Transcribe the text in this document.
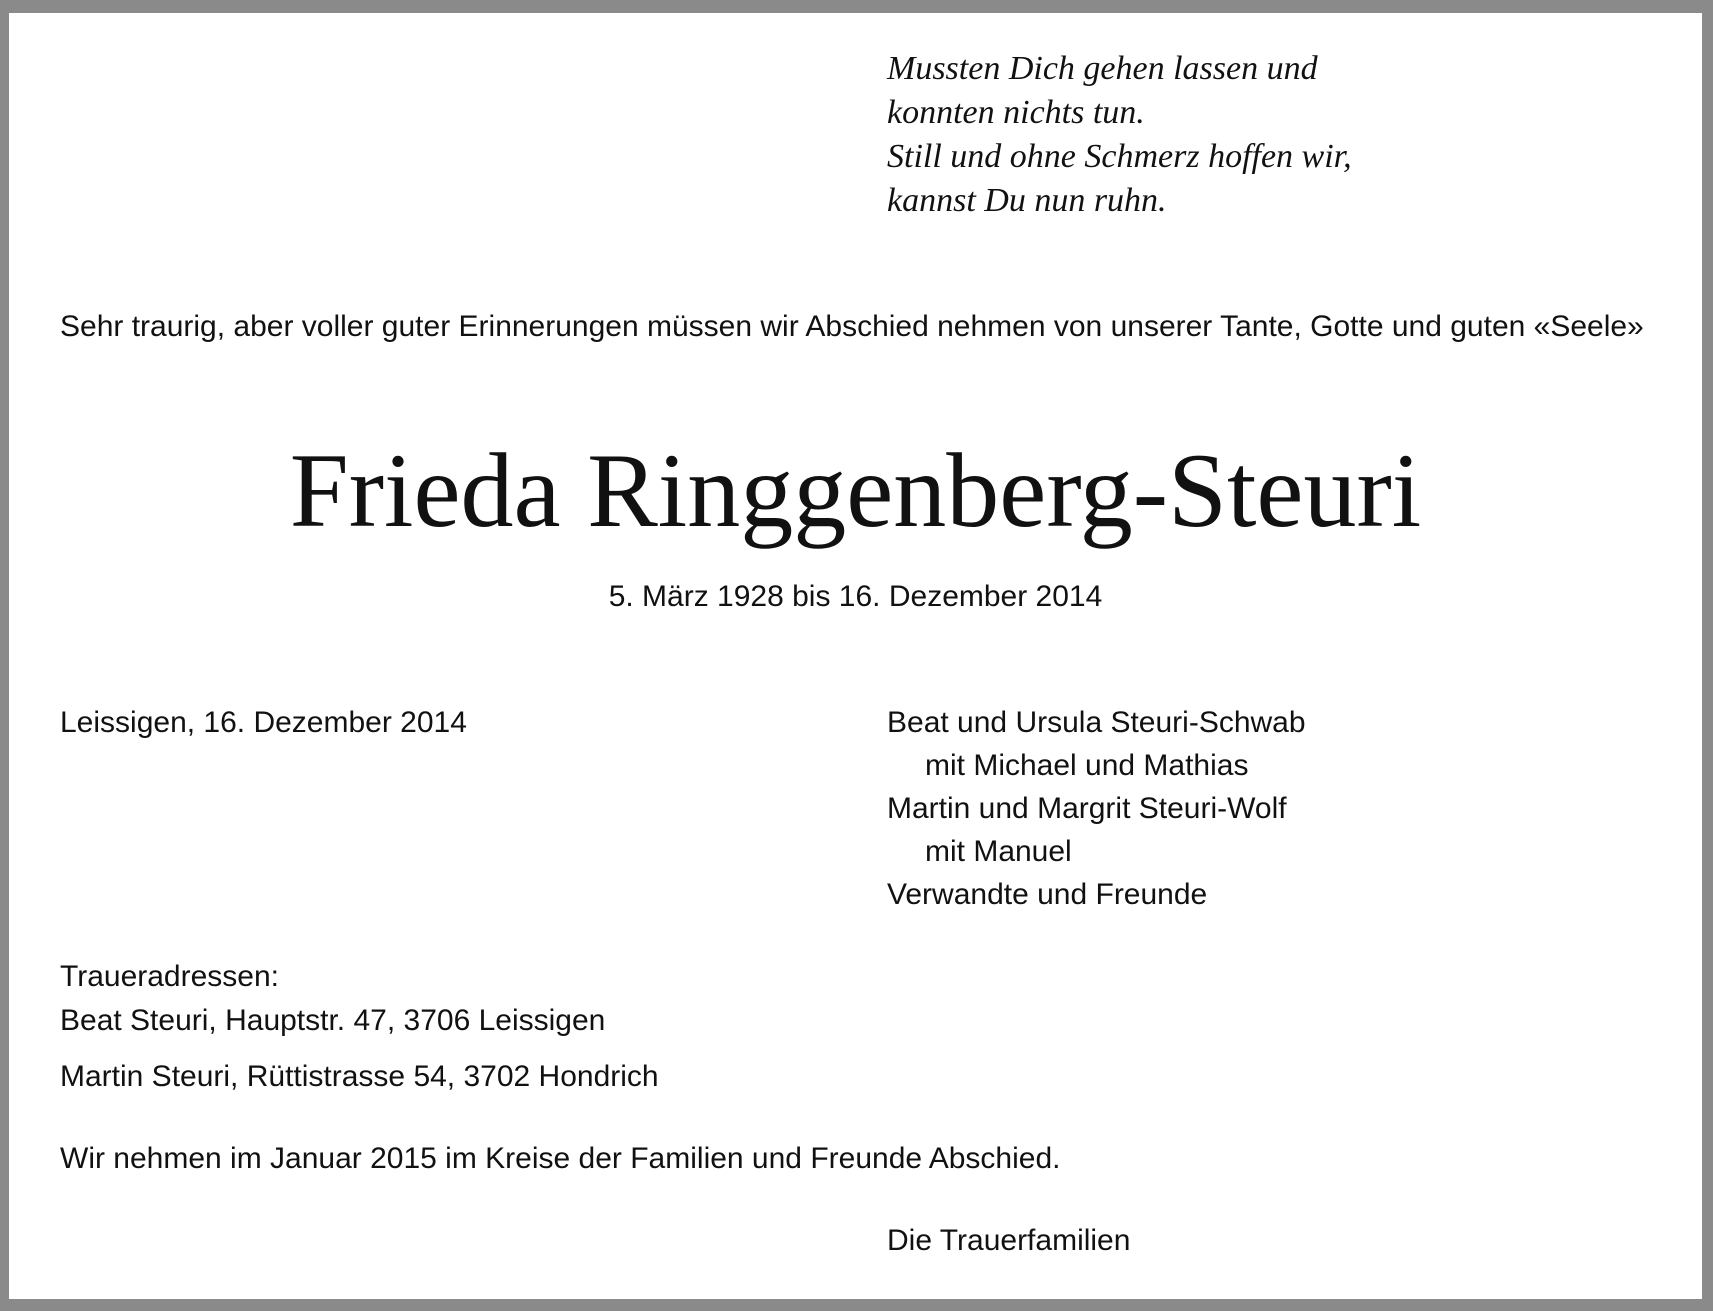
Mussten Dich gehen lassen und
konnten nichts tun.
Still und ohne Schmerz hoffen wir,
kannst Du nun ruhn.
Sehr traurig, aber voller guter Erinnerungen müssen wir Abschied nehmen von unserer Tante, Gotte und guten «Seele»
Frieda Ringgenberg-Steuri
5. März 1928 bis 16. Dezember 2014
Leissigen, 16. Dezember 2014	Beat und Ursula Steuri-Schwab
mit Michael und Mathias
Martin und Margrit Steuri-Wolf
mit Manuel
Verwandte und Freunde
Traueradressen:
Beat Steuri, Hauptstr. 47, 3706 Leissigen
Martin Steuri, Rüttistrasse 54, 3702 Hondrich
Wir nehmen im Januar 2015 im Kreise der Familien und Freunde Abschied.
Die Trauerfamilien
